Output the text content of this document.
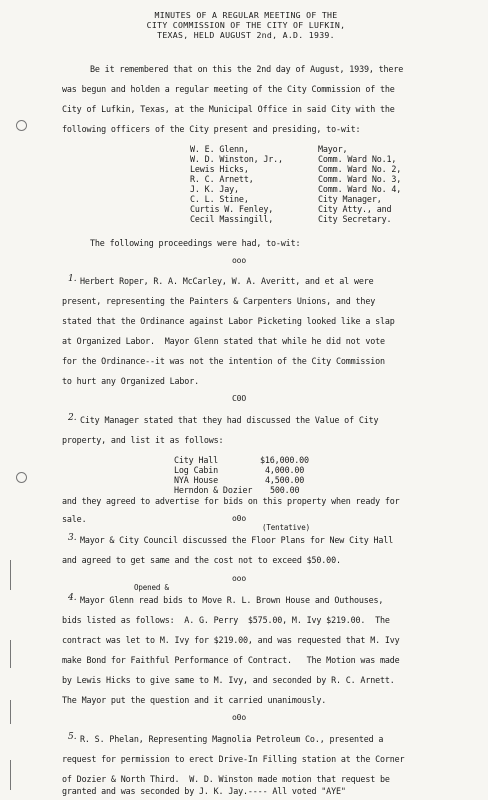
MINUTES OF A REGULAR MEETING OF THE
CITY COMMISSION OF THE CITY OF LUFKIN,
TEXAS, HELD AUGUST 2nd, A.D. 1939.
Be it remembered that on this the 2nd day of August, 1939, there
was begun and holden a regular meeting of the City Commission of the
City of Lufkin, Texas, at the Municipal Office in said City with the
following officers of the City present and presiding, to-wit:
W. E. Glenn,	Mayor,
W. D. Winston, Jr.,	Comm. Ward No.1,
Lewis Hicks,	Comm. Ward No. 2,
R. C. Arnett,	Comm. Ward No. 3,
J. K. Jay,	Comm. Ward No. 4,
C. L. Stine,	City Manager,
Curtis W. Fenley,	City Atty., and
Cecil Massingill,	City Secretary.
The following proceedings were had, to-wit:
ooo
1. Herbert Roper, R. A. McCarley, W. A. Averitt, and et al were
present, representing the Painters & Carpenters Unions, and they
stated that the Ordinance against Labor Picketing looked like a slap
at Organized Labor.  Mayor Glenn stated that while he did not vote
for the Ordinance--it was not the intention of the City Commission
to hurt any Organized Labor.
C0O
2. City Manager stated that they had discussed the Value of City
property, and list it as follows:
City Hall	$16,000.00
Log Cabin	4,000.00
NYA House	4,500.00
Herndon & Dozier 500.00
and they agreed to advertise for bids on this property when ready for
sale.	o0o
(Tentative)
3. Mayor & City Council discussed the Floor Plans for New City Hall
and agreed to get same and the cost not to exceed $50.00.
ooo
Opened &
4. Mayor Glenn read bids to Move R. L. Brown House and Outhouses,
bids listed as follows:  A. G. Perry  $575.00, M. Ivy $219.00.  The
contract was let to M. Ivy for $219.00, and was requested that M. Ivy
make Bond for Faithful Performance of Contract.   The Motion was made
by Lewis Hicks to give same to M. Ivy, and seconded by R. C. Arnett.
The Mayor put the question and it carried unanimously.
o0o
5. R. S. Phelan, Representing Magnolia Petroleum Co., presented a
request for permission to erect Drive-In Filling station at the Corner
of Dozier & North Third.  W. D. Winston made motion that request be
granted and was seconded by J. K. Jay.---- All voted "AYE"
